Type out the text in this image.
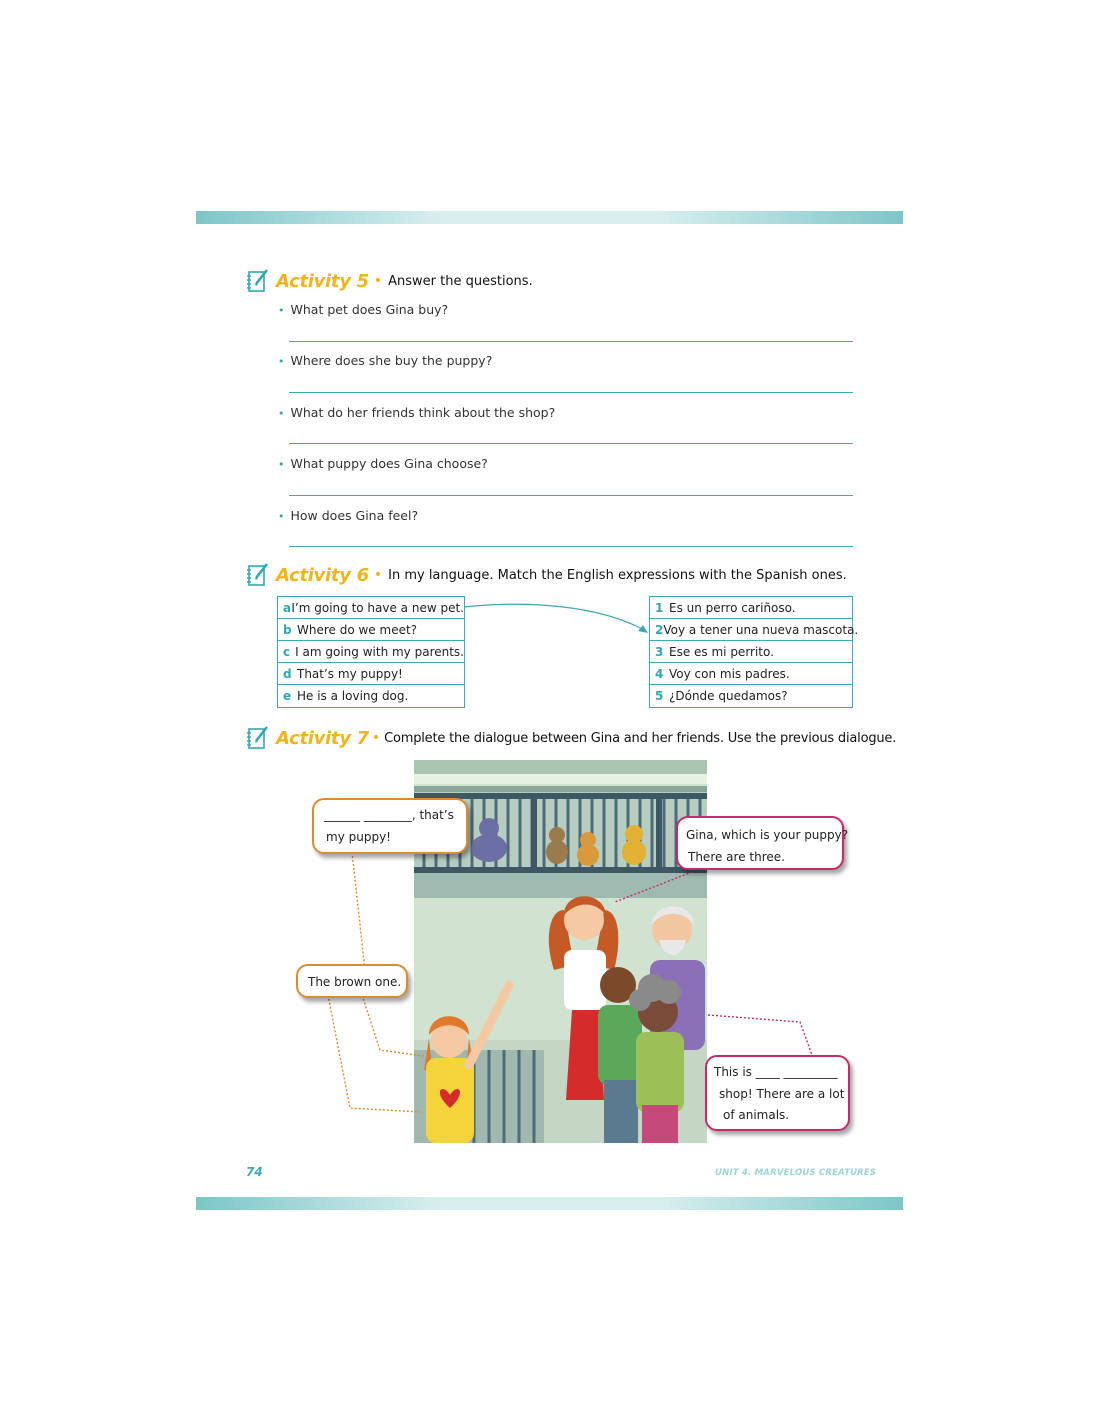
Activity 5 • Answer the questions.
• What pet does Gina buy?
• Where does she buy the puppy?
• What do her friends think about the shop?
• What puppy does Gina choose?
• How does Gina feel?
Activity 6 • In my language. Match the English expressions with the Spanish ones.
a I’m going to have a new pet.
b Where do we meet?
c I am going with my parents.
d That’s my puppy!
e He is a loving dog.
1 Es un perro cariñoso.
2 Voy a tener una nueva mascota.
3 Ese es mi perrito.
4 Voy con mis padres.
5 ¿Dónde quedamos?
Activity 7 • Complete the dialogue between Gina and her friends. Use the previous dialogue.
______ ________, that’s
my puppy!	Gina, which is your puppy?
There are three.
The brown one.
This is ____ _________
shop! There are a lot
of animals.
74	UNIT 4. MARVELOUS CREATURES
